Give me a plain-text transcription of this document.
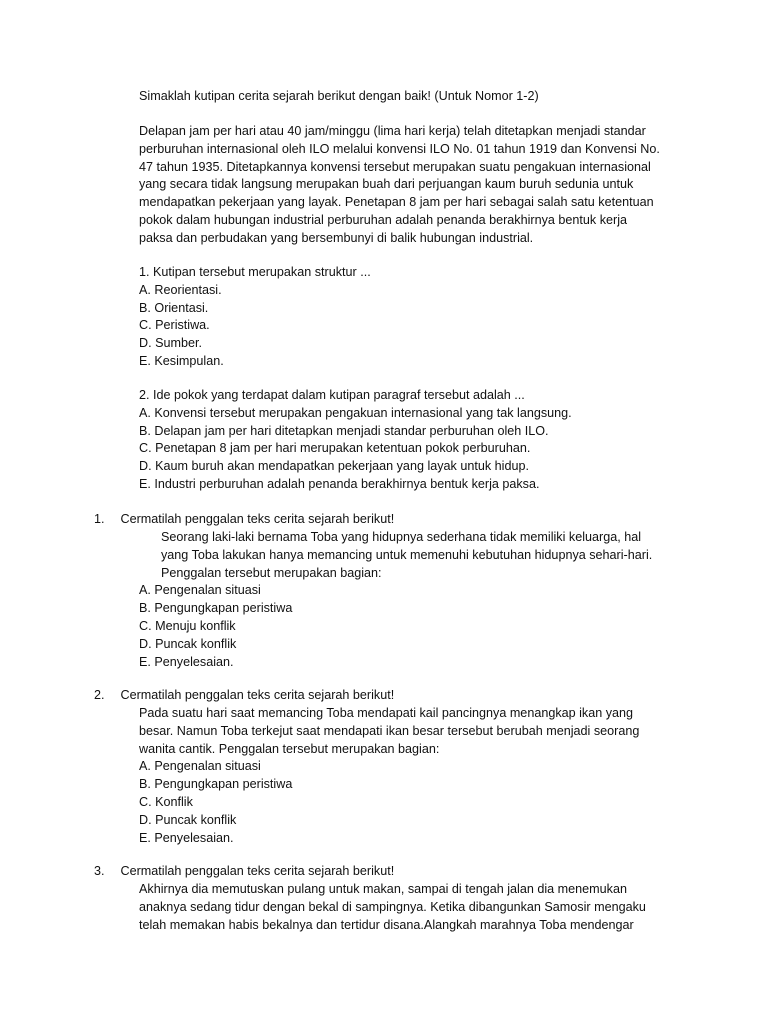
Simaklah kutipan cerita sejarah berikut dengan baik! (Untuk Nomor 1-2)
Delapan jam per hari atau 40 jam/minggu (lima hari kerja) telah ditetapkan menjadi standar
perburuhan internasional oleh ILO melalui konvensi ILO No. 01 tahun 1919 dan Konvensi No.
47 tahun 1935. Ditetapkannya konvensi tersebut merupakan suatu pengakuan internasional
yang secara tidak langsung merupakan buah dari perjuangan kaum buruh sedunia untuk
mendapatkan pekerjaan yang layak. Penetapan 8 jam per hari sebagai salah satu ketentuan
pokok dalam hubungan industrial perburuhan adalah penanda berakhirnya bentuk kerja
paksa dan perbudakan yang bersembunyi di balik hubungan industrial.
1. Kutipan tersebut merupakan struktur ...
A. Reorientasi.
B. Orientasi.
C. Peristiwa.
D. Sumber.
E. Kesimpulan.
2. Ide pokok yang terdapat dalam kutipan paragraf tersebut adalah ...
A. Konvensi tersebut merupakan pengakuan internasional yang tak langsung.
B. Delapan jam per hari ditetapkan menjadi standar perburuhan oleh ILO.
C. Penetapan 8 jam per hari merupakan ketentuan pokok perburuhan.
D. Kaum buruh akan mendapatkan pekerjaan yang layak untuk hidup.
E. Industri perburuhan adalah penanda berakhirnya bentuk kerja paksa.
1. Cermatilah penggalan teks cerita sejarah berikut!
Seorang laki-laki bernama Toba yang hidupnya sederhana tidak memiliki keluarga, hal
yang Toba lakukan hanya memancing untuk memenuhi kebutuhan hidupnya sehari-hari.
Penggalan tersebut merupakan bagian:
A. Pengenalan situasi
B. Pengungkapan peristiwa
C. Menuju konflik
D. Puncak konflik
E. Penyelesaian.
2. Cermatilah penggalan teks cerita sejarah berikut!
Pada suatu hari saat memancing Toba mendapati kail pancingnya menangkap ikan yang
besar. Namun Toba terkejut saat mendapati ikan besar tersebut berubah menjadi seorang
wanita cantik. Penggalan tersebut merupakan bagian:
A. Pengenalan situasi
B. Pengungkapan peristiwa
C. Konflik
D. Puncak konflik
E. Penyelesaian.
3. Cermatilah penggalan teks cerita sejarah berikut!
Akhirnya dia memutuskan pulang untuk makan, sampai di tengah jalan dia menemukan
anaknya sedang tidur dengan bekal di sampingnya. Ketika dibangunkan Samosir mengaku
telah memakan habis bekalnya dan tertidur disana.Alangkah marahnya Toba mendengar
